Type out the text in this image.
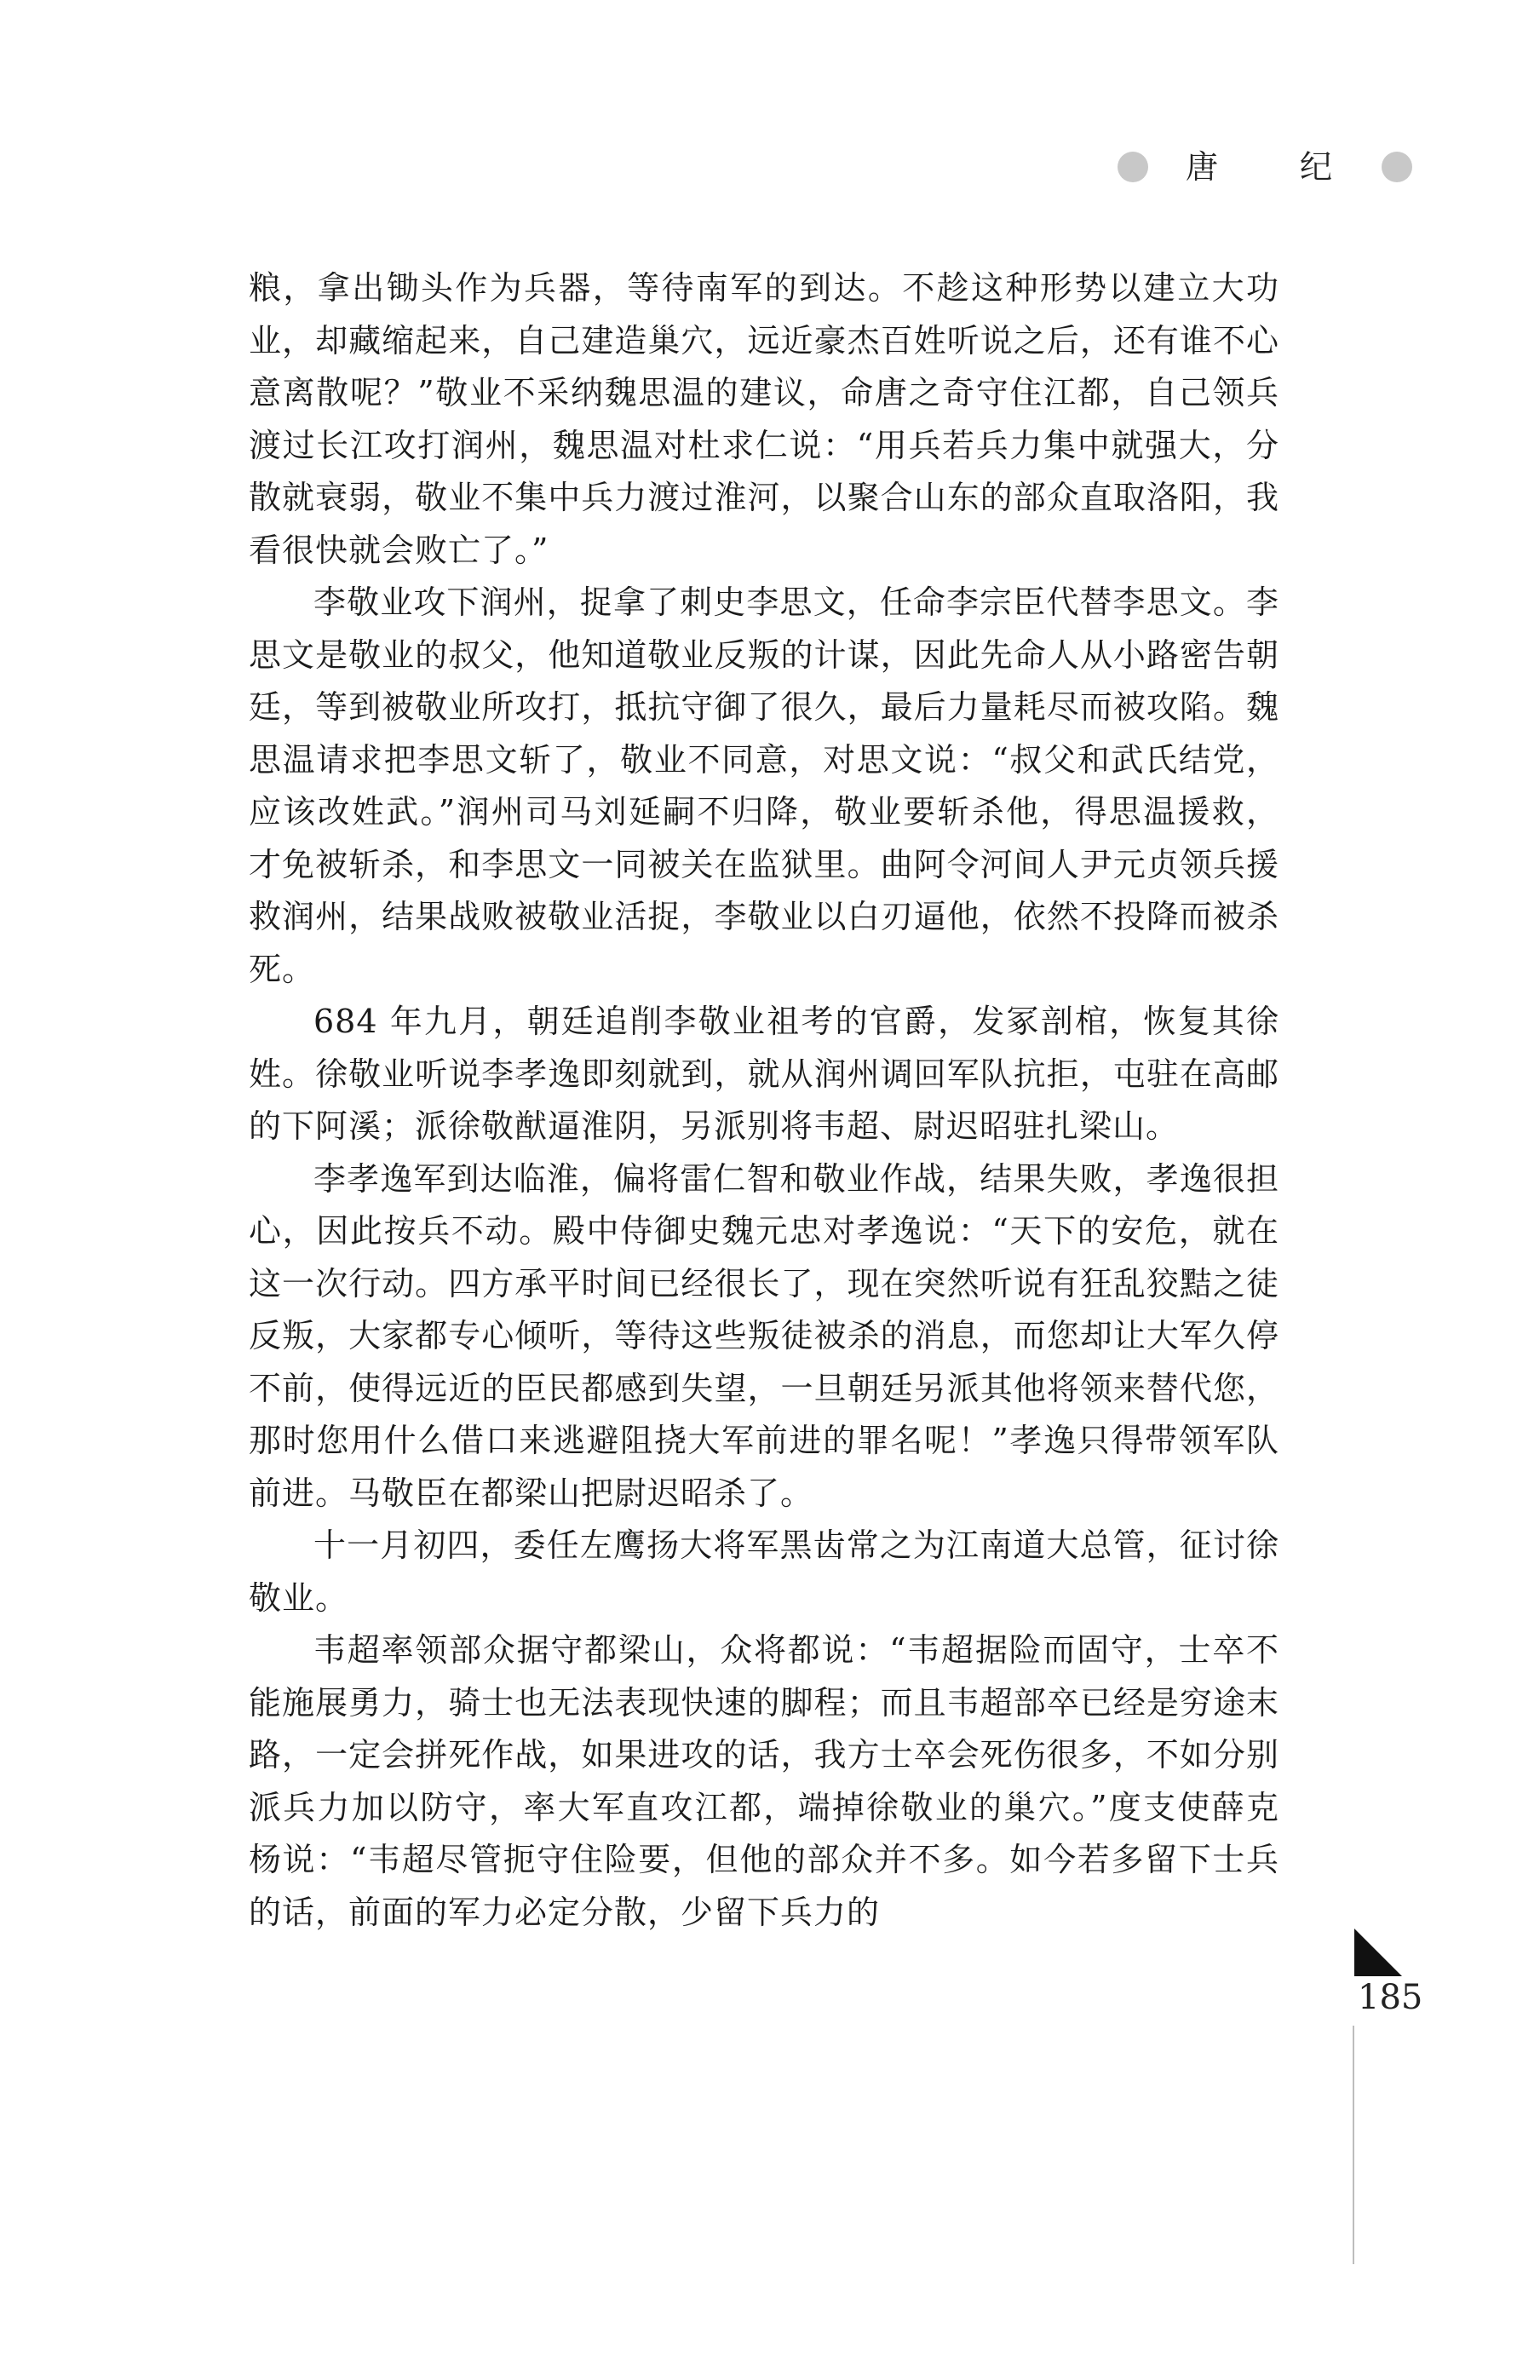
唐	纪

粮，拿出锄头作为兵器，等待南军的到达。不趁这种形势以建立大功业，却藏缩起来，自己建造巢穴，远近豪杰百姓听说之后，还有谁不心意离散呢？”敬业不采纳魏思温的建议，命唐之奇守住江都，自己领兵渡过长江攻打润州，魏思温对杜求仁说：“用兵若兵力集中就强大，分散就衰弱，敬业不集中兵力渡过淮河，以聚合山东的部众直取洛阳，我看很快就会败亡了。”

李敬业攻下润州，捉拿了刺史李思文，任命李宗臣代替李思文。李思文是敬业的叔父，他知道敬业反叛的计谋，因此先命人从小路密告朝廷，等到被敬业所攻打，抵抗守御了很久，最后力量耗尽而被攻陷。魏思温请求把李思文斩了，敬业不同意，对思文说：“叔父和武氏结党，应该改姓武。”润州司马刘延嗣不归降，敬业要斩杀他，得思温援救，才免被斩杀，和李思文一同被关在监狱里。曲阿令河间人尹元贞领兵援救润州，结果战败被敬业活捉，李敬业以白刃逼他，依然不投降而被杀死。

684 年九月，朝廷追削李敬业祖考的官爵，发冢剖棺，恢复其徐姓。徐敬业听说李孝逸即刻就到，就从润州调回军队抗拒，屯驻在高邮的下阿溪；派徐敬猷逼淮阴，另派别将韦超、尉迟昭驻扎梁山。

李孝逸军到达临淮，偏将雷仁智和敬业作战，结果失败，孝逸很担心，因此按兵不动。殿中侍御史魏元忠对孝逸说：“天下的安危，就在这一次行动。四方承平时间已经很长了，现在突然听说有狂乱狡黠之徒反叛，大家都专心倾听，等待这些叛徒被杀的消息，而您却让大军久停不前，使得远近的臣民都感到失望，一旦朝廷另派其他将领来替代您，那时您用什么借口来逃避阻挠大军前进的罪名呢！”孝逸只得带领军队前进。马敬臣在都梁山把尉迟昭杀了。

十一月初四，委任左鹰扬大将军黑齿常之为江南道大总管，征讨徐敬业。

韦超率领部众据守都梁山，众将都说：“韦超据险而固守，士卒不能施展勇力，骑士也无法表现快速的脚程；而且韦超部卒已经是穷途末路，一定会拼死作战，如果进攻的话，我方士卒会死伤很多，不如分别派兵力加以防守，率大军直攻江都，端掉徐敬业的巢穴。”度支使薛克杨说：“韦超尽管扼守住险要，但他的部众并不多。如今若多留下士兵的话，前面的军力必定分散，少留下兵力的

185
